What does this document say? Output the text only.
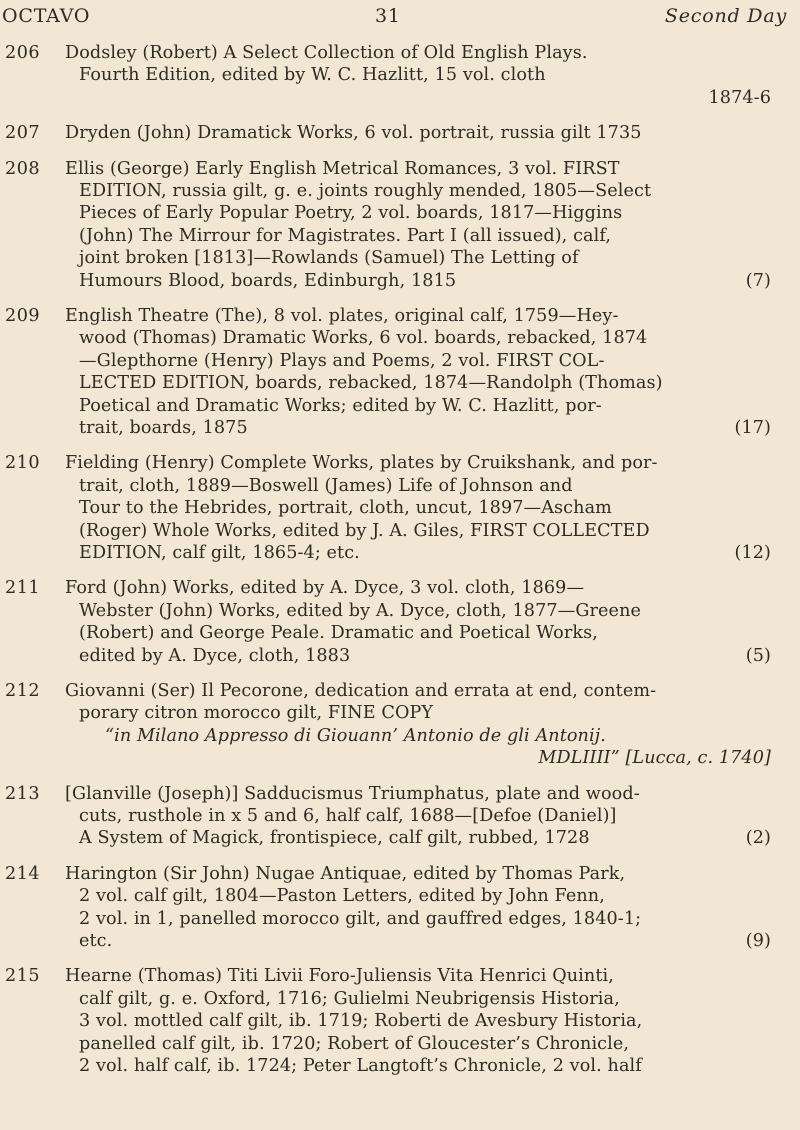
OCTAVO	31	Second Day
206 Dodsley (Robert) A Select Collection of Old English Plays.
Fourth Edition, edited by W. C. Hazlitt, 15 vol. cloth
1874-6
207 Dryden (John) Dramatick Works, 6 vol. portrait, russia gilt 1735
208 Ellis (George) Early English Metrical Romances, 3 vol. FIRST
EDITION, russia gilt, g. e. joints roughly mended, 1805—Select
Pieces of Early Popular Poetry, 2 vol. boards, 1817—Higgins
(John) The Mirrour for Magistrates. Part I (all issued), calf,
joint broken [1813]—Rowlands (Samuel) The Letting of
Humours Blood, boards, Edinburgh, 1815	(7)
209 English Theatre (The), 8 vol. plates, original calf, 1759—Hey-
wood (Thomas) Dramatic Works, 6 vol. boards, rebacked, 1874
—Glepthorne (Henry) Plays and Poems, 2 vol. FIRST COL-
LECTED EDITION, boards, rebacked, 1874—Randolph (Thomas)
Poetical and Dramatic Works; edited by W. C. Hazlitt, por-
trait, boards, 1875	(17)
210 Fielding (Henry) Complete Works, plates by Cruikshank, and por-
trait, cloth, 1889—Boswell (James) Life of Johnson and
Tour to the Hebrides, portrait, cloth, uncut, 1897—Ascham
(Roger) Whole Works, edited by J. A. Giles, FIRST COLLECTED
EDITION, calf gilt, 1865-4; etc.	(12)
211 Ford (John) Works, edited by A. Dyce, 3 vol. cloth, 1869—
Webster (John) Works, edited by A. Dyce, cloth, 1877—Greene
(Robert) and George Peale. Dramatic and Poetical Works,
edited by A. Dyce, cloth, 1883	(5)
212 Giovanni (Ser) Il Pecorone, dedication and errata at end, contem-
porary citron morocco gilt, FINE COPY
“in Milano Appresso di Giouann’ Antonio de gli Antonij.
MDLIIII” [Lucca, c. 1740]
213 [Glanville (Joseph)] Sadducismus Triumphatus, plate and wood-
cuts, rusthole in x 5 and 6, half calf, 1688—[Defoe (Daniel)]
A System of Magick, frontispiece, calf gilt, rubbed, 1728	(2)
214 Harington (Sir John) Nugae Antiquae, edited by Thomas Park,
2 vol. calf gilt, 1804—Paston Letters, edited by John Fenn,
2 vol. in 1, panelled morocco gilt, and gauffred edges, 1840-1;
etc.	(9)
215 Hearne (Thomas) Titi Livii Foro-Juliensis Vita Henrici Quinti,
calf gilt, g. e. Oxford, 1716; Gulielmi Neubrigensis Historia,
3 vol. mottled calf gilt, ib. 1719; Roberti de Avesbury Historia,
panelled calf gilt, ib. 1720; Robert of Gloucester’s Chronicle,
2 vol. half calf, ib. 1724; Peter Langtoft’s Chronicle, 2 vol. half
